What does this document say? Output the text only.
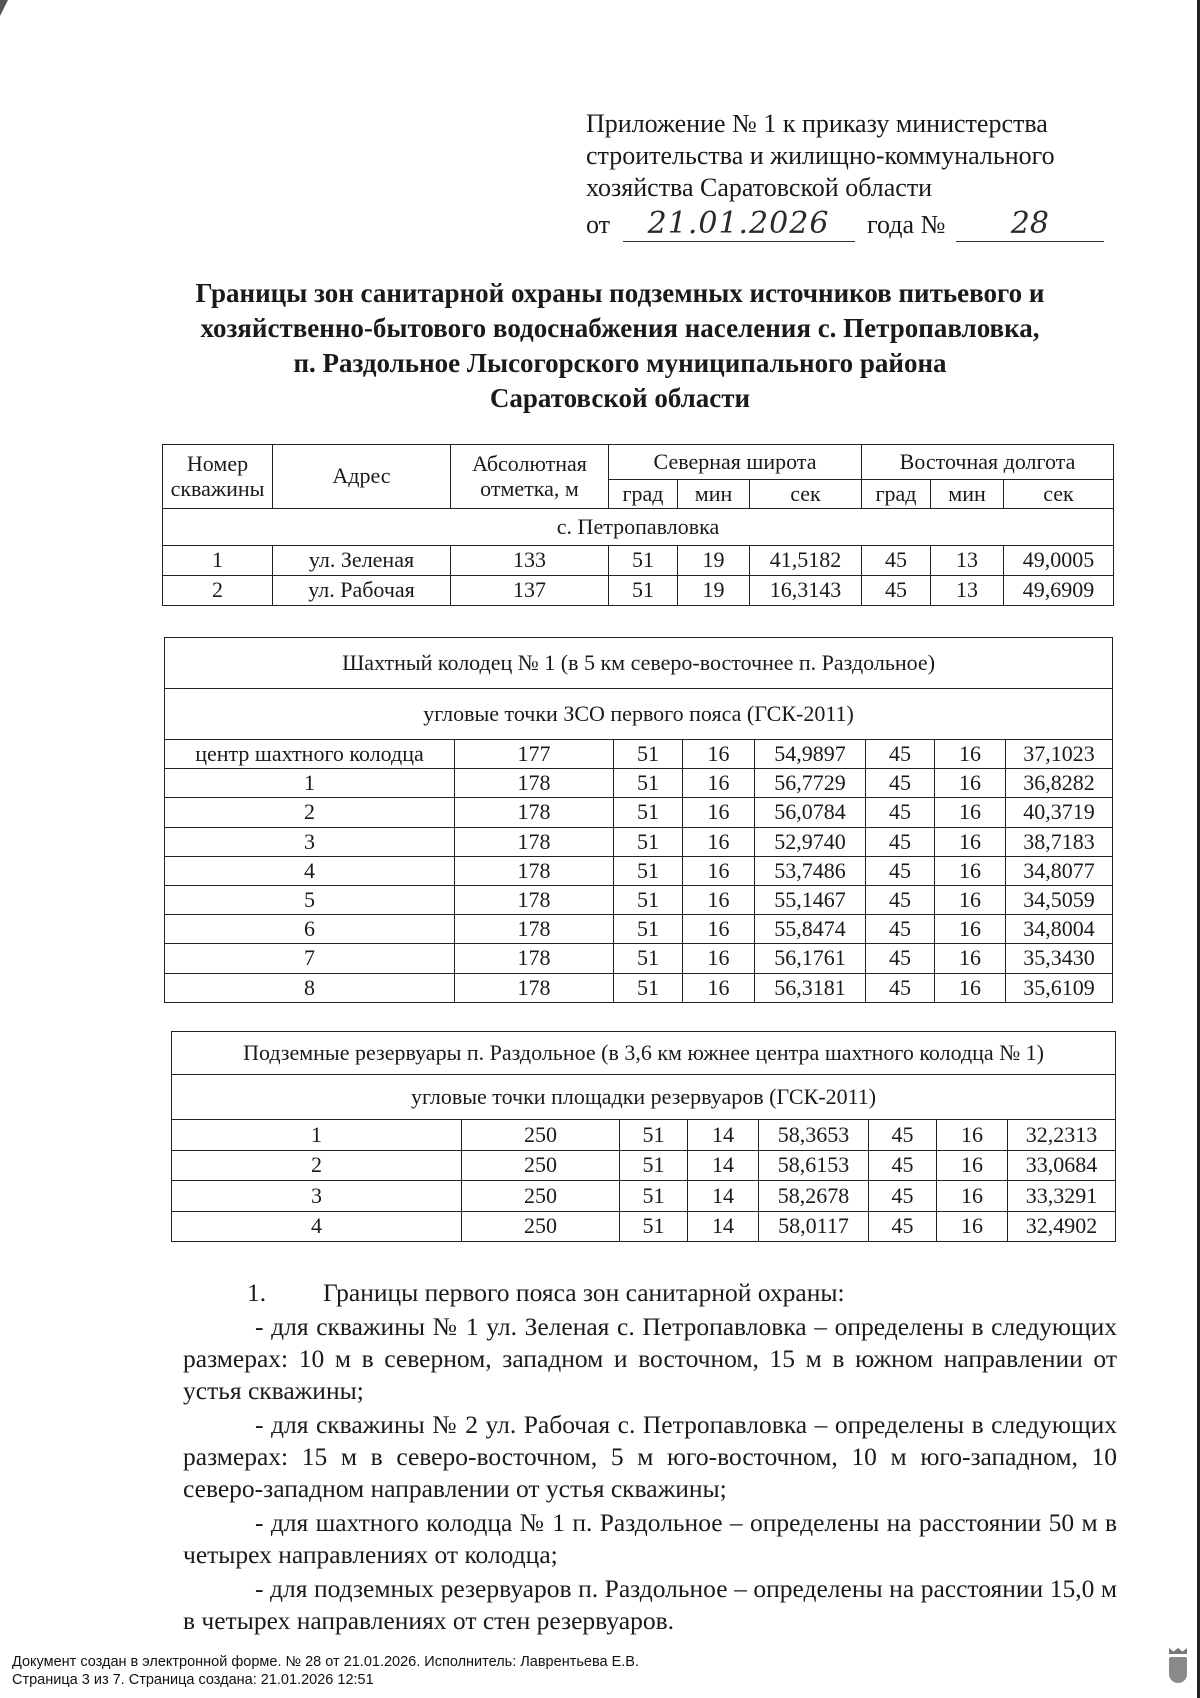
Приложение № 1 к приказу министерства
строительства и жилищно-коммунального
хозяйства Саратовской области
от 21.01.2026 года № 28
Границы зон санитарной охраны подземных источников питьевого и
хозяйственно-бытового водоснабжения населения с. Петропавловка,
п. Раздольное Лысогорского муниципального района
Саратовской области
Номер скважины	Адрес	Абсолютная отметка, м	Северная широта			Восточная долгота		
			град	мин	сек	град	мин	сек
с. Петропавловка								
1	ул. Зеленая	133	51	19	41,5182	45	13	49,0005
2	ул. Рабочая	137	51	19	16,3143	45	13	49,6909
Шахтный колодец № 1 (в 5 км северо-восточнее п. Раздольное)							
угловые точки ЗСО первого пояса (ГСК-2011)							
центр шахтного колодца	177	51	16	54,9897	45	16	37,1023
1	178	51	16	56,7729	45	16	36,8282
2	178	51	16	56,0784	45	16	40,3719
3	178	51	16	52,9740	45	16	38,7183
4	178	51	16	53,7486	45	16	34,8077
5	178	51	16	55,1467	45	16	34,5059
6	178	51	16	55,8474	45	16	34,8004
7	178	51	16	56,1761	45	16	35,3430
8	178	51	16	56,3181	45	16	35,6109
Подземные резервуары п. Раздольное (в 3,6 км южнее центра шахтного колодца № 1)							
угловые точки площадки резервуаров (ГСК-2011)							
1	250	51	14	58,3653	45	16	32,2313
2	250	51	14	58,6153	45	16	33,0684
3	250	51	14	58,2678	45	16	33,3291
4	250	51	14	58,0117	45	16	32,4902

1. Границы первого пояса зон санитарной охраны:

- для скважины № 1 ул. Зеленая с. Петропавловка – определены в следующих размерах: 10 м в северном, западном и восточном, 15 м в южном направлении от устья скважины;

- для скважины № 2 ул. Рабочая с. Петропавловка – определены в следующих размерах: 15 м в северо-восточном, 5 м юго-восточном, 10 м юго-западном, 10 северо-западном направлении от устья скважины;

- для шахтного колодца № 1 п. Раздольное – определены на расстоянии 50 м в четырех направлениях от колодца;

- для подземных резервуаров п. Раздольное – определены на расстоянии 15,0 м в четырех направлениях от стен резервуаров.

Документ создан в электронной форме. № 28 от 21.01.2026. Исполнитель: Лаврентьева Е.В.
Страница 3 из 7. Страница создана: 21.01.2026 12:51
